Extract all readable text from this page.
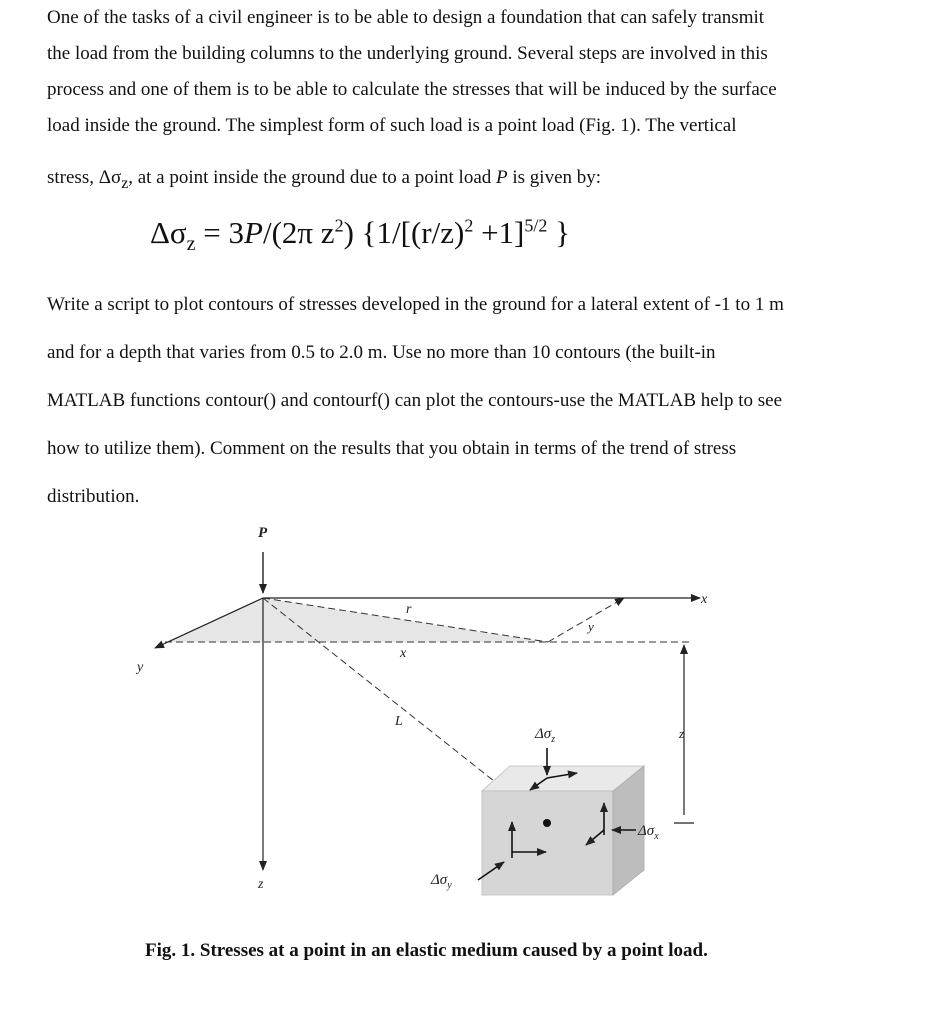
One of the tasks of a civil engineer is to be able to design a foundation that can safely transmit
the load from the building columns to the underlying ground. Several steps are involved in this
process and one of them is to be able to calculate the stresses that will be induced by the surface
load inside the ground. The simplest form of such load is a point load (Fig. 1). The vertical
stress, $\Delta\sigma_z$, at a point inside the ground due to a point load P is given by:
$\Delta\sigma_z = 3P/(2\pi$ $z^2$) {$1/[(r/z)^2 +1]^{5/2}$ }
Write a script to plot contours of stresses developed in the ground for a lateral extent of -1 to 1 m
and for a depth that varies from 0.5 to 2.0 m. Use no more than 10 contours (the built-in
MATLAB functions contour() and contourf() can plot the contours-use the MATLAB help to see
how to utilize them). Comment on the results that you obtain in terms of the trend of stress
distribution.
P
x
y
z
r
x
y
L
z
$\Delta\sigma_z$
$\Delta\sigma_x$
$\Delta\sigma_y$
Fig. 1. Stresses at a point in an elastic medium caused by a point load.
